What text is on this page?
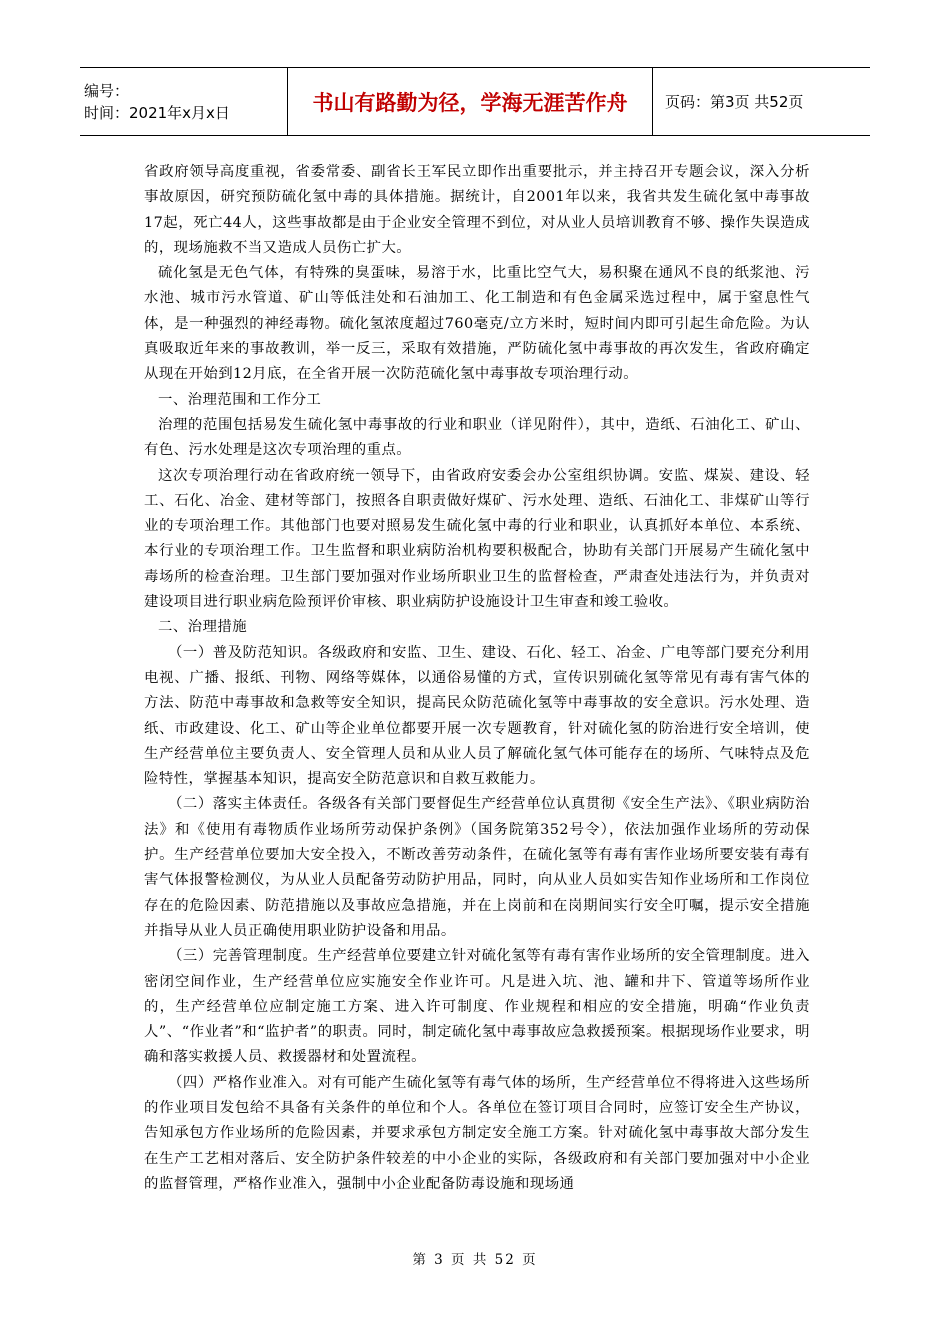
编号：
时间：2021年x月x日	书山有路勤为径，学海无涯苦作舟	页码：第3页 共52页

省政府领导高度重视，省委常委、副省长王军民立即作出重要批示，并主持召开专题会议，深入分析事故原因，研究预防硫化氢中毒的具体措施。据统计，自2001年以来，我省共发生硫化氢中毒事故17起，死亡44人，这些事故都是由于企业安全管理不到位，对从业人员培训教育不够、操作失误造成的，现场施救不当又造成人员伤亡扩大。

硫化氢是无色气体，有特殊的臭蛋味，易溶于水，比重比空气大，易积聚在通风不良的纸浆池、污水池、城市污水管道、矿山等低洼处和石油加工、化工制造和有色金属采选过程中，属于窒息性气体，是一种强烈的神经毒物。硫化氢浓度超过760毫克/立方米时，短时间内即可引起生命危险。为认真吸取近年来的事故教训，举一反三，采取有效措施，严防硫化氢中毒事故的再次发生，省政府确定从现在开始到12月底，在全省开展一次防范硫化氢中毒事故专项治理行动。

一、治理范围和工作分工

治理的范围包括易发生硫化氢中毒事故的行业和职业（详见附件），其中，造纸、石油化工、矿山、有色、污水处理是这次专项治理的重点。

这次专项治理行动在省政府统一领导下，由省政府安委会办公室组织协调。安监、煤炭、建设、轻工、石化、冶金、建材等部门，按照各自职责做好煤矿、污水处理、造纸、石油化工、非煤矿山等行业的专项治理工作。其他部门也要对照易发生硫化氢中毒的行业和职业，认真抓好本单位、本系统、本行业的专项治理工作。卫生监督和职业病防治机构要积极配合，协助有关部门开展易产生硫化氢中毒场所的检查治理。卫生部门要加强对作业场所职业卫生的监督检查，严肃查处违法行为，并负责对建设项目进行职业病危险预评价审核、职业病防护设施设计卫生审查和竣工验收。

二、治理措施

（一）普及防范知识。各级政府和安监、卫生、建设、石化、轻工、冶金、广电等部门要充分利用电视、广播、报纸、刊物、网络等媒体，以通俗易懂的方式，宣传识别硫化氢等常见有毒有害气体的方法、防范中毒事故和急救等安全知识，提高民众防范硫化氢等中毒事故的安全意识。污水处理、造纸、市政建设、化工、矿山等企业单位都要开展一次专题教育，针对硫化氢的防治进行安全培训，使生产经营单位主要负责人、安全管理人员和从业人员了解硫化氢气体可能存在的场所、气味特点及危险特性，掌握基本知识，提高安全防范意识和自救互救能力。

（二）落实主体责任。各级各有关部门要督促生产经营单位认真贯彻《安全生产法》、《职业病防治法》和《使用有毒物质作业场所劳动保护条例》（国务院第352号令），依法加强作业场所的劳动保护。生产经营单位要加大安全投入，不断改善劳动条件，在硫化氢等有毒有害作业场所要安装有毒有害气体报警检测仪，为从业人员配备劳动防护用品，同时，向从业人员如实告知作业场所和工作岗位存在的危险因素、防范措施以及事故应急措施，并在上岗前和在岗期间实行安全叮嘱，提示安全措施并指导从业人员正确使用职业防护设备和用品。

（三）完善管理制度。生产经营单位要建立针对硫化氢等有毒有害作业场所的安全管理制度。进入密闭空间作业，生产经营单位应实施安全作业许可。凡是进入坑、池、罐和井下、管道等场所作业的，生产经营单位应制定施工方案、进入许可制度、作业规程和相应的安全措施，明确“作业负责人”、“作业者”和“监护者”的职责。同时，制定硫化氢中毒事故应急救援预案。根据现场作业要求，明确和落实救援人员、救援器材和处置流程。

（四）严格作业准入。对有可能产生硫化氢等有毒气体的场所，生产经营单位不得将进入这些场所的作业项目发包给不具备有关条件的单位和个人。各单位在签订项目合同时，应签订安全生产协议，告知承包方作业场所的危险因素，并要求承包方制定安全施工方案。针对硫化氢中毒事故大部分发生在生产工艺相对落后、安全防护条件较差的中小企业的实际，各级政府和有关部门要加强对中小企业的监督管理，严格作业准入，强制中小企业配备防毒设施和现场通

第 3 页 共 52 页
